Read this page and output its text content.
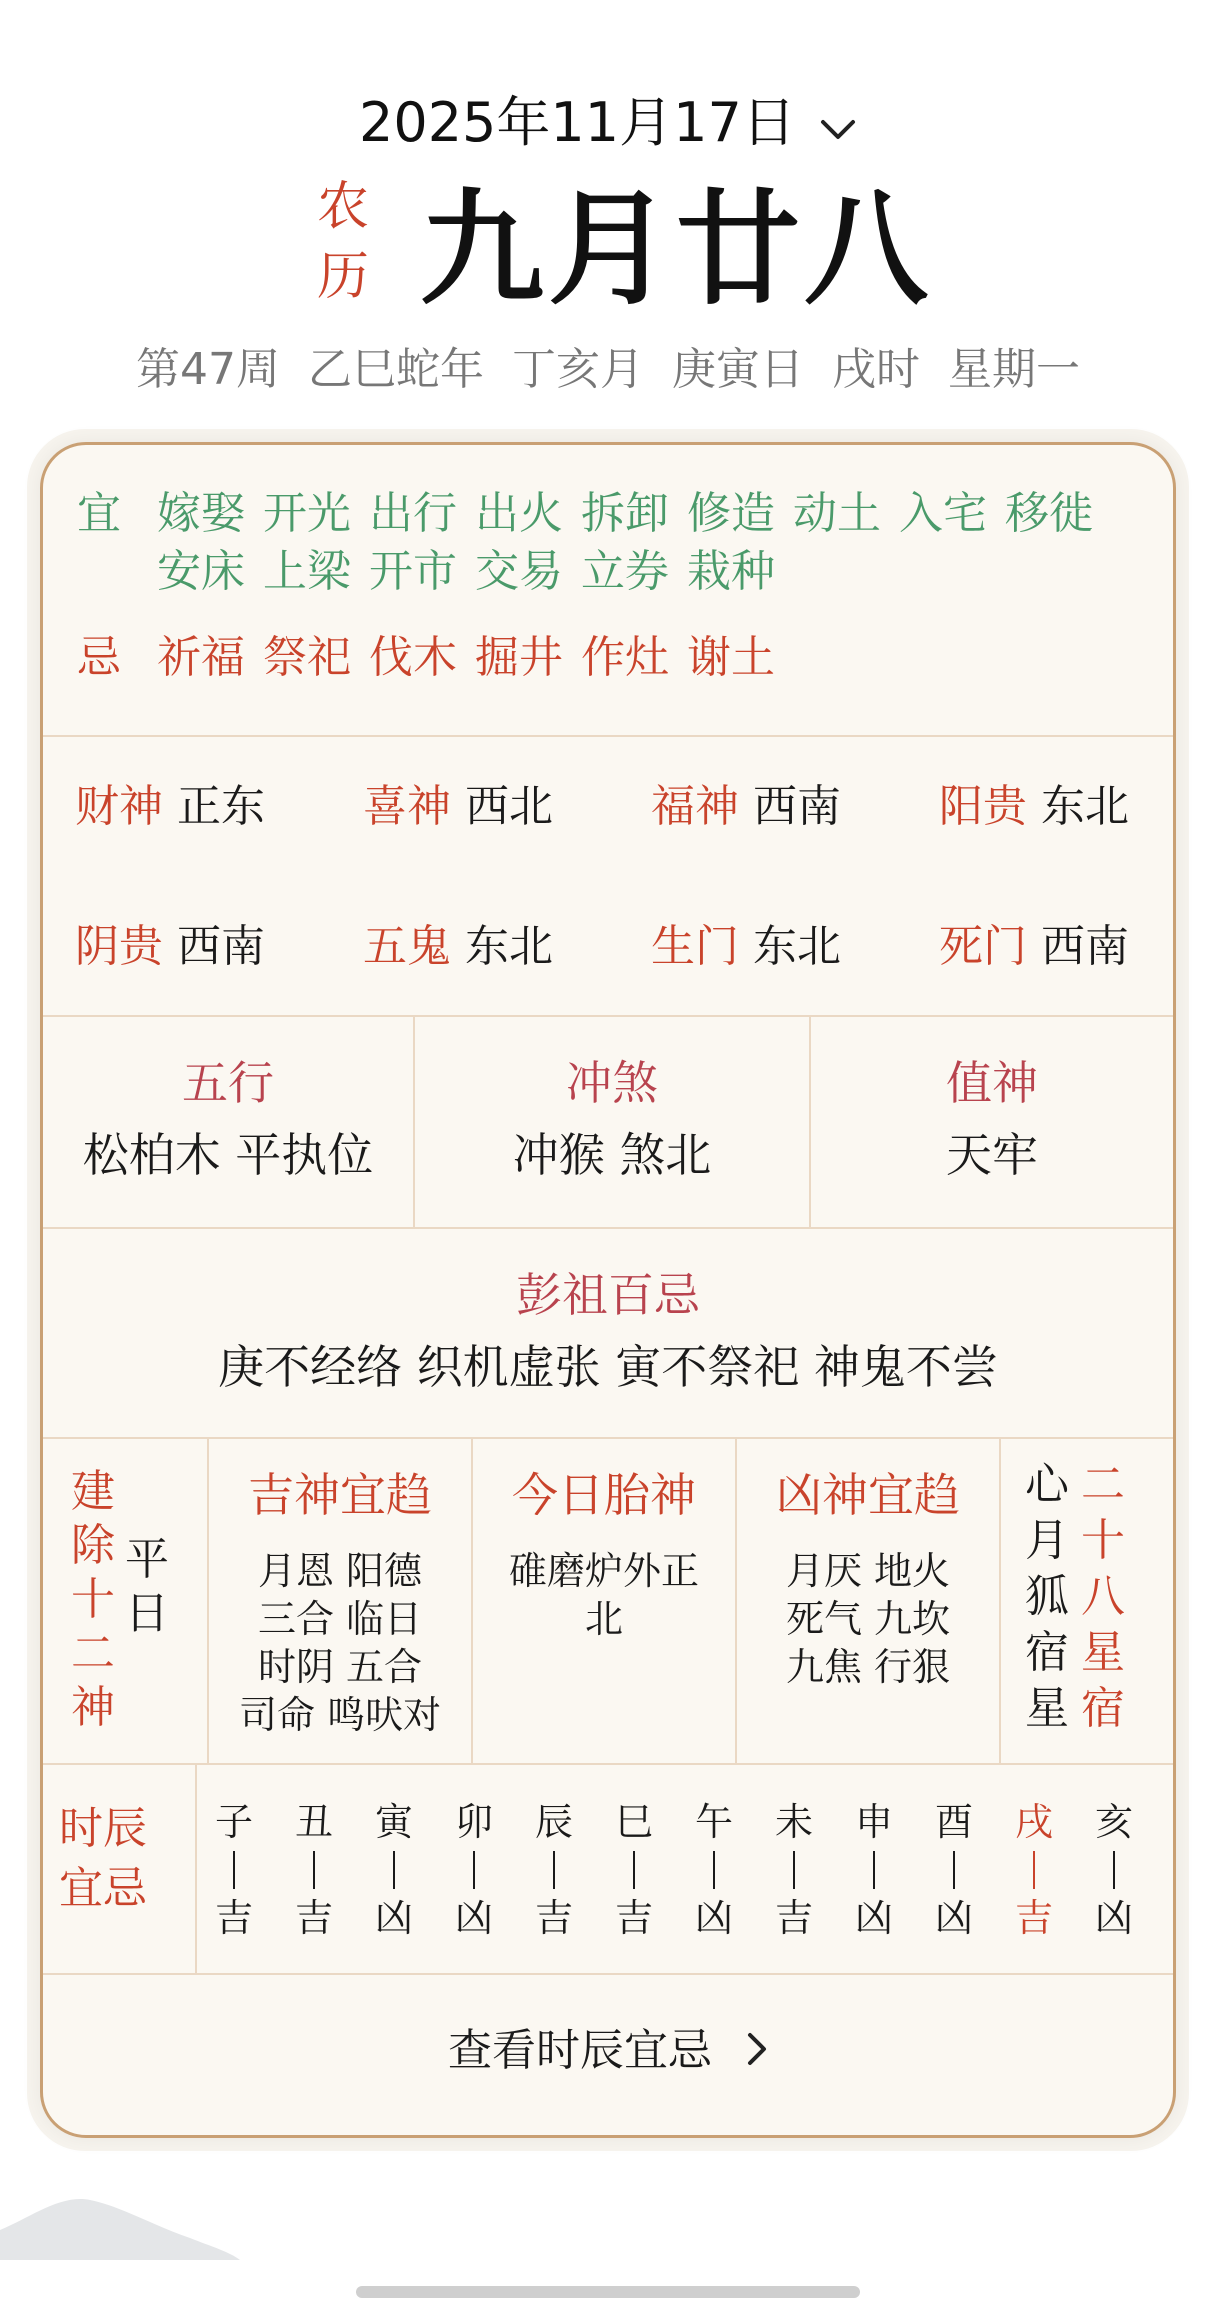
2025年11月17日
农
历 九月廿八
第47周 乙巳蛇年 丁亥月 庚寅日 戌时 星期一
宜 嫁娶 开光 出行 出火 拆卸 修造 动土 入宅 移徙安床 上梁 开市 交易 立券 栽种
忌 祈福 祭祀 伐木 掘井 作灶 谢土
财神 正东 喜神 西北 福神 西南 阳贵 东北
阴贵 西南 五鬼 东北 生门 东北 死门 西南
五行
松柏木 平执位
冲煞
冲猴 煞北
值神
天牢
彭祖百忌
庚不经络 织机虚张 寅不祭祀 神鬼不尝
建
除
十
二
神
平
日
吉神宜趋
月恩 阳德
三合 临日
时阴 五合
司命 鸣吠对
今日胎神
碓磨炉外正
北
凶神宜趋
月厌 地火
死气 九坎
九焦 行狠
心
月
狐
宿
星
二
十
八
星
宿
时辰
宜忌
子
吉
丑
吉
寅
凶
卯
凶
辰
吉
巳
吉
午
凶
未
吉
申
凶
酉
凶
戌
吉
亥
凶
查看时辰宜忌
